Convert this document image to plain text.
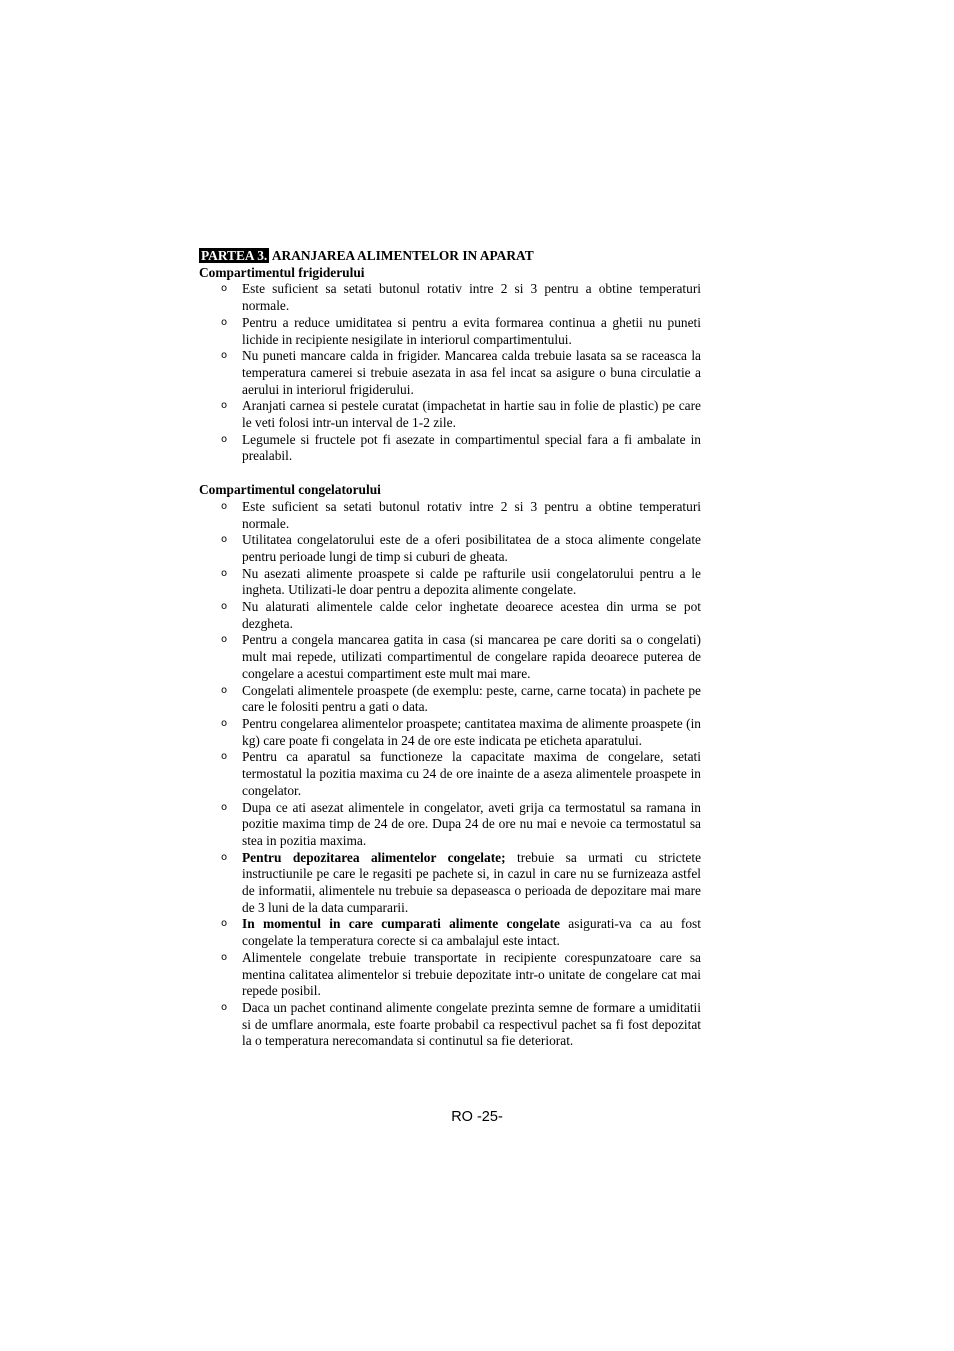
PARTEA 3. ARANJAREA ALIMENTELOR IN APARAT

Compartimentul frigiderului

o Este suficient sa setati butonul rotativ intre 2 si 3 pentru a obtine temperaturi normale.
o Pentru a reduce umiditatea si pentru a evita formarea continua a ghetii nu puneti lichide in recipiente nesigilate in interiorul compartimentului.
o Nu puneti mancare calda in frigider. Mancarea calda trebuie lasata sa se raceasca la temperatura camerei si trebuie asezata in asa fel incat sa asigure o buna circulatie a aerului in interiorul frigiderului.
o Aranjati carnea si pestele curatat (impachetat in hartie sau in folie de plastic) pe care le veti folosi intr-un interval de 1-2 zile.
o Legumele si fructele pot fi asezate in compartimentul special fara a fi ambalate in prealabil.

Compartimentul congelatorului

o Este suficient sa setati butonul rotativ intre 2 si 3 pentru a obtine temperaturi normale.
o Utilitatea congelatorului este de a oferi posibilitatea de a stoca alimente congelate pentru perioade lungi de timp si cuburi de gheata.
o Nu asezati alimente proaspete si calde pe rafturile usii congelatorului pentru a le ingheta. Utilizati-le doar pentru a depozita alimente congelate.
o Nu alaturati alimentele calde celor inghetate deoarece acestea din urma se pot dezgheta.
o Pentru a congela mancarea gatita in casa (si mancarea pe care doriti sa o congelati) mult mai repede, utilizati compartimentul de congelare rapida deoarece puterea de congelare a acestui compartiment este mult mai mare.
o Congelati alimentele proaspete (de exemplu: peste, carne, carne tocata) in pachete pe care le folositi pentru a gati o data.
o Pentru congelarea alimentelor proaspete; cantitatea maxima de alimente proaspete (in kg) care poate fi congelata in 24 de ore este indicata pe eticheta aparatului.
o Pentru ca aparatul sa functioneze la capacitate maxima de congelare, setati termostatul la pozitia maxima cu 24 de ore inainte de a aseza alimentele proaspete in congelator.
o Dupa ce ati asezat alimentele in congelator, aveti grija ca termostatul sa ramana in pozitie maxima timp de 24 de ore. Dupa 24 de ore nu mai e nevoie ca termostatul sa stea in pozitia maxima.
o Pentru depozitarea alimentelor congelate; trebuie sa urmati cu strictete instructiunile pe care le regasiti pe pachete si, in cazul in care nu se furnizeaza astfel de informatii, alimentele nu trebuie sa depaseasca o perioada de depozitare mai mare de 3 luni de la data cumpararii.
o In momentul in care cumparati alimente congelate asigurati-va ca au fost congelate la temperatura corecte si ca ambalajul este intact.
o Alimentele congelate trebuie transportate in recipiente corespunzatoare care sa mentina calitatea alimentelor si trebuie depozitate intr-o unitate de congelare cat mai repede posibil.
o Daca un pachet continand alimente congelate prezinta semne de formare a umiditatii si de umflare anormala, este foarte probabil ca respectivul pachet sa fi fost depozitat la o temperatura nerecomandata si continutul sa fie deteriorat.
RO -25-
